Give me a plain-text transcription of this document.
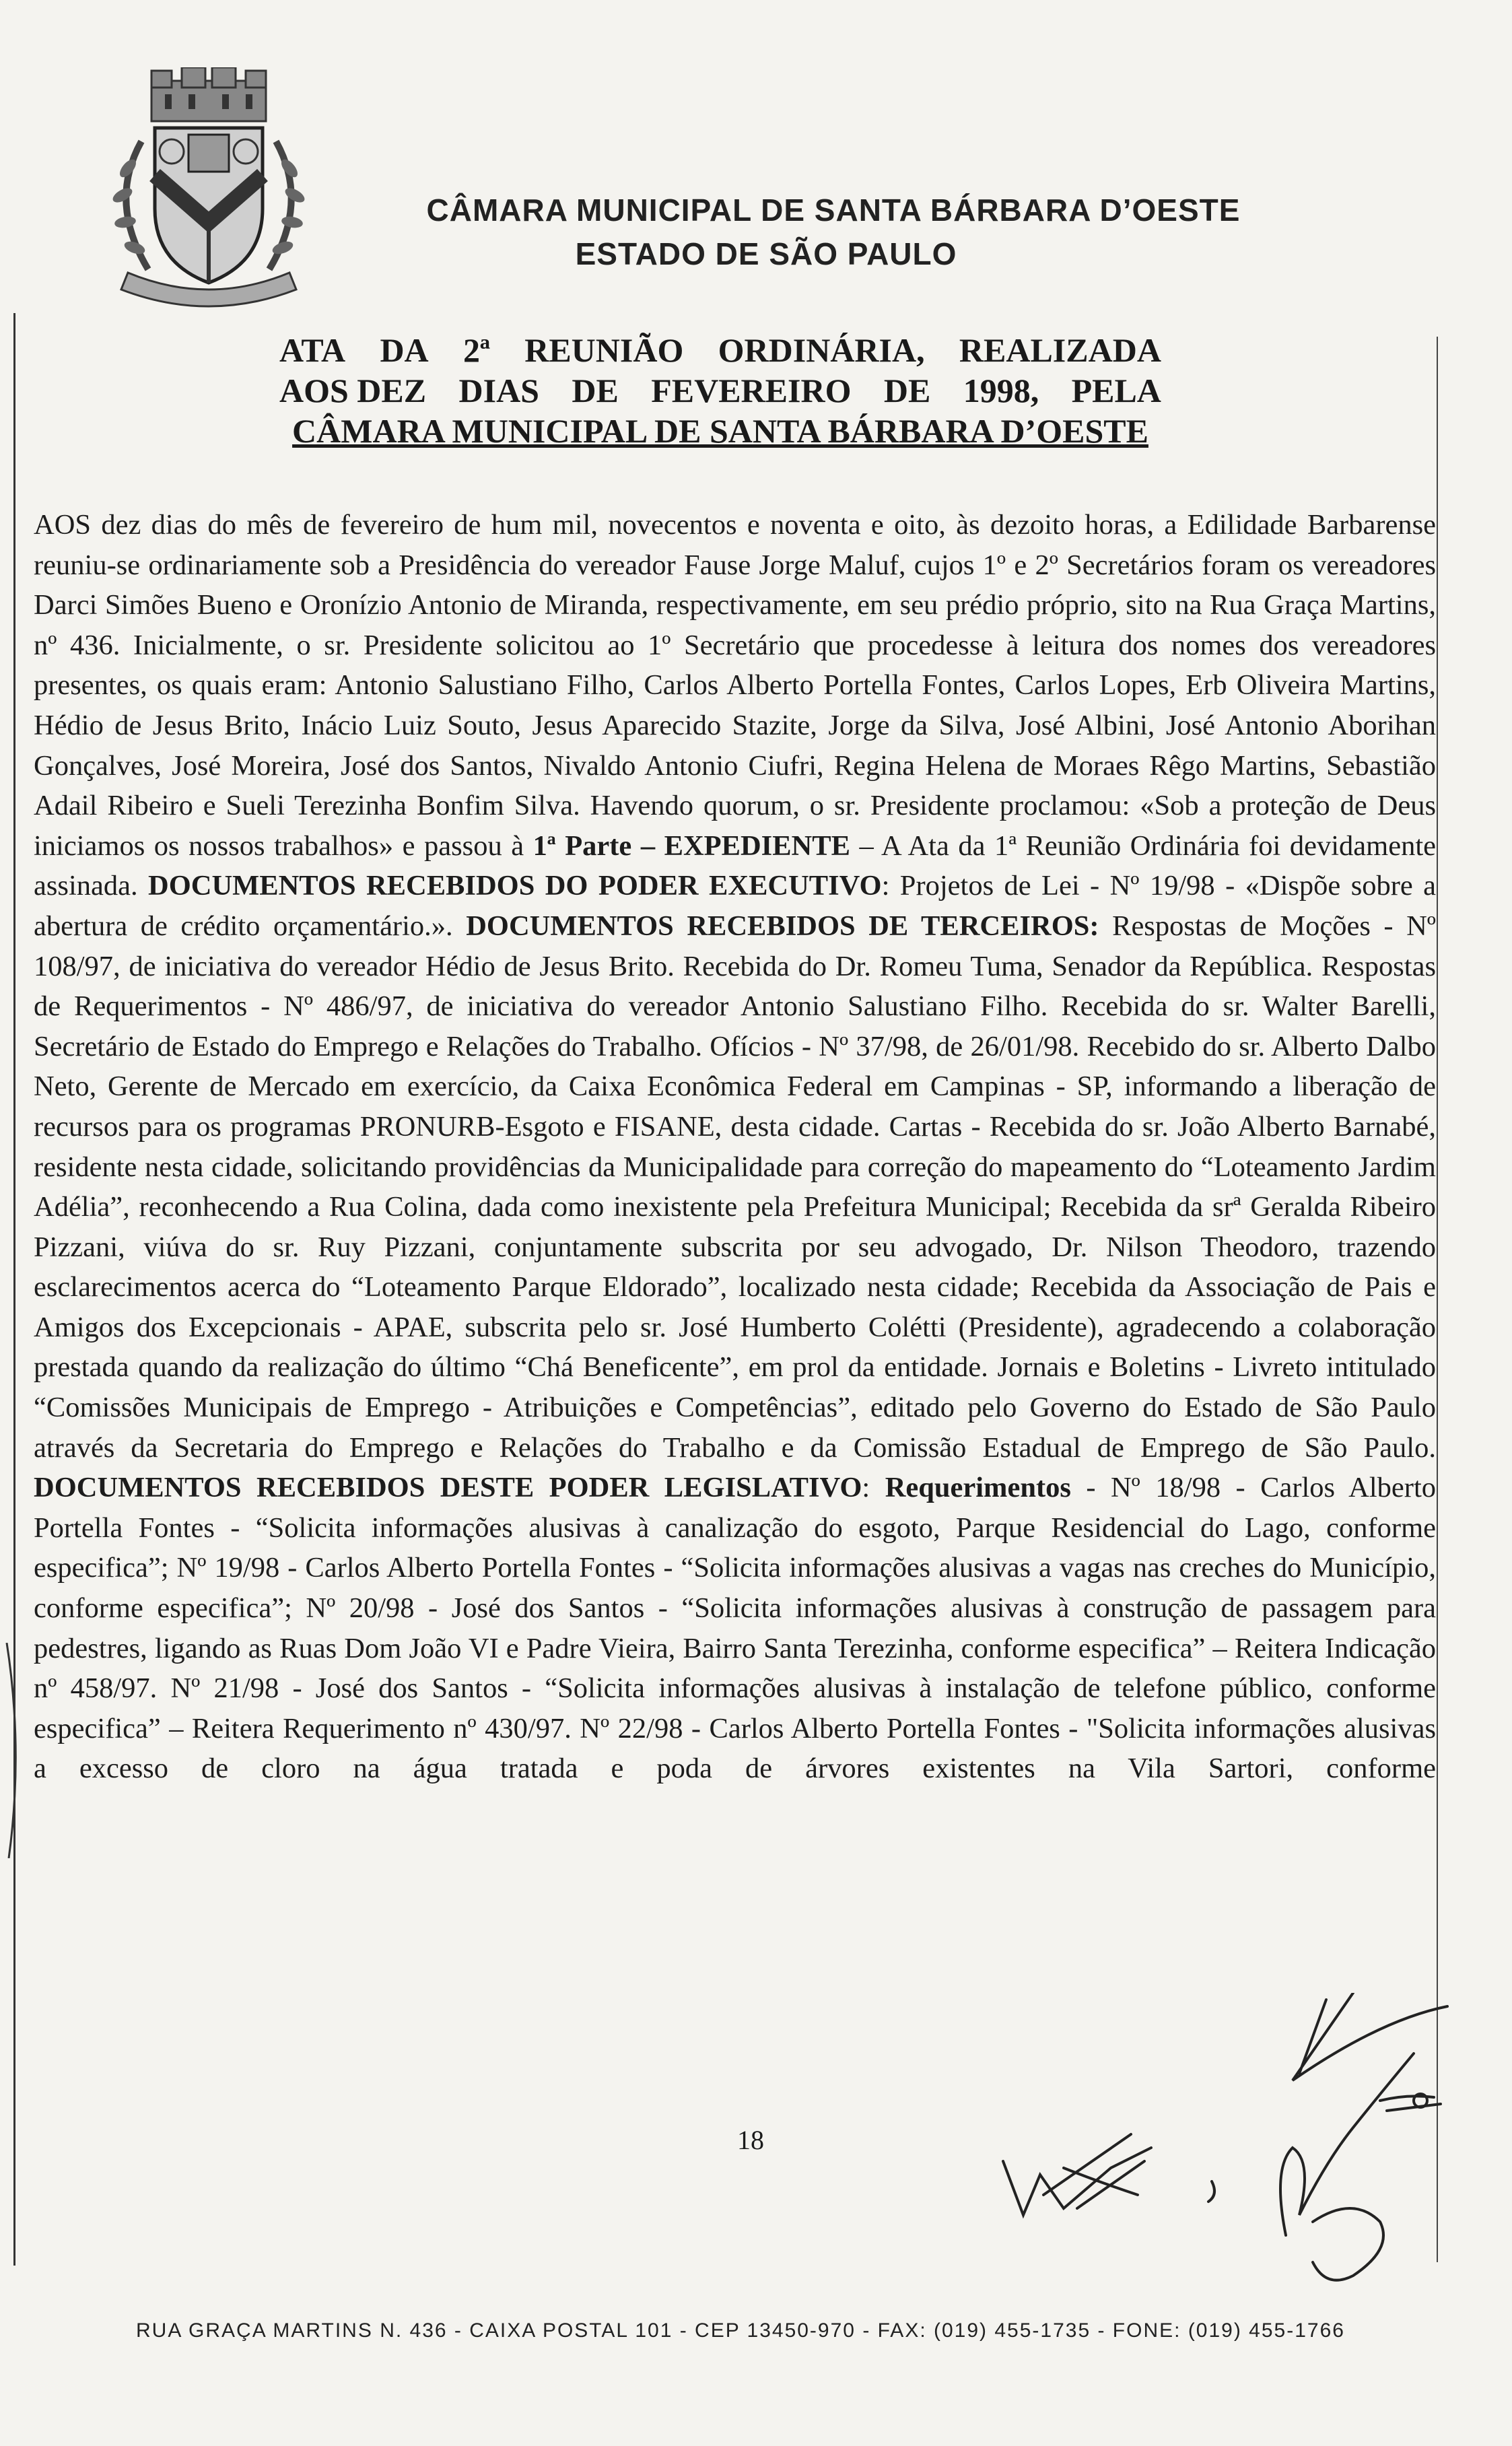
CÂMARA MUNICIPAL DE SANTA BÁRBARA D’OESTE
ESTADO DE SÃO PAULO
ATA DA 2ª REUNIÃO ORDINÁRIA, REALIZADA
AOS DEZ DIAS DE FEVEREIRO DE 1998, PELA
CÂMARA MUNICIPAL DE SANTA BÁRBARA D’OESTE

AOS dez dias do mês de fevereiro de hum mil, novecentos e noventa e oito, às dezoito horas, a Edilidade Barbarense reuniu-se ordinariamente sob a Presidência do vereador Fause Jorge Maluf, cujos 1º e 2º Secretários foram os vereadores Darci Simões Bueno e Oronízio Antonio de Miranda, respectivamente, em seu prédio próprio, sito na Rua Graça Martins, nº 436. Inicialmente, o sr. Presidente solicitou ao 1º Secretário que procedesse à leitura dos nomes dos vereadores presentes, os quais eram: Antonio Salustiano Filho, Carlos Alberto Portella Fontes, Carlos Lopes, Erb Oliveira Martins, Hédio de Jesus Brito, Inácio Luiz Souto, Jesus Aparecido Stazite, Jorge da Silva, José Albini, José Antonio Aborihan Gonçalves, José Moreira, José dos Santos, Nivaldo Antonio Ciufri, Regina Helena de Moraes Rêgo Martins, Sebastião Adail Ribeiro e Sueli Terezinha Bonfim Silva. Havendo quorum, o sr. Presidente proclamou: «Sob a proteção de Deus iniciamos os nossos trabalhos» e passou à 1ª Parte – EXPEDIENTE – A Ata da 1ª Reunião Ordinária foi devidamente assinada. DOCUMENTOS RECEBIDOS DO PODER EXECUTIVO: Projetos de Lei - Nº 19/98 - «Dispõe sobre a abertura de crédito orçamentário.». DOCUMENTOS RECEBIDOS DE TERCEIROS: Respostas de Moções - Nº 108/97, de iniciativa do vereador Hédio de Jesus Brito. Recebida do Dr. Romeu Tuma, Senador da República. Respostas de Requerimentos - Nº 486/97, de iniciativa do vereador Antonio Salustiano Filho. Recebida do sr. Walter Barelli, Secretário de Estado do Emprego e Relações do Trabalho. Ofícios - Nº 37/98, de 26/01/98. Recebido do sr. Alberto Dalbo Neto, Gerente de Mercado em exercício, da Caixa Econômica Federal em Campinas - SP, informando a liberação de recursos para os programas PRONURB-Esgoto e FISANE, desta cidade. Cartas - Recebida do sr. João Alberto Barnabé, residente nesta cidade, solicitando providências da Municipalidade para correção do mapeamento do “Loteamento Jardim Adélia”, reconhecendo a Rua Colina, dada como inexistente pela Prefeitura Municipal; Recebida da srª Geralda Ribeiro Pizzani, viúva do sr. Ruy Pizzani, conjuntamente subscrita por seu advogado, Dr. Nilson Theodoro, trazendo esclarecimentos acerca do “Loteamento Parque Eldorado”, localizado nesta cidade; Recebida da Associação de Pais e Amigos dos Excepcionais - APAE, subscrita pelo sr. José Humberto Colétti (Presidente), agradecendo a colaboração prestada quando da realização do último “Chá Beneficente”, em prol da entidade. Jornais e Boletins - Livreto intitulado “Comissões Municipais de Emprego - Atribuições e Competências”, editado pelo Governo do Estado de São Paulo através da Secretaria do Emprego e Relações do Trabalho e da Comissão Estadual de Emprego de São Paulo. DOCUMENTOS RECEBIDOS DESTE PODER LEGISLATIVO: Requerimentos - Nº 18/98 - Carlos Alberto Portella Fontes - “Solicita informações alusivas à canalização do esgoto, Parque Residencial do Lago, conforme especifica”; Nº 19/98 - Carlos Alberto Portella Fontes - “Solicita informações alusivas a vagas nas creches do Município, conforme especifica”; Nº 20/98 - José dos Santos - “Solicita informações alusivas à construção de passagem para pedestres, ligando as Ruas Dom João VI e Padre Vieira, Bairro Santa Terezinha, conforme especifica” – Reitera Indicação nº 458/97. Nº 21/98 - José dos Santos - “Solicita informações alusivas à instalação de telefone público, conforme especifica” – Reitera Requerimento nº 430/97. Nº 22/98 - Carlos Alberto Portella Fontes - "Solicita informações alusivas a excesso de cloro na água tratada e poda de árvores existentes na Vila Sartori, conforme

18
RUA GRAÇA MARTINS N. 436 - CAIXA POSTAL 101 - CEP 13450-970 - FAX: (019) 455-1735 - FONE: (019) 455-1766
